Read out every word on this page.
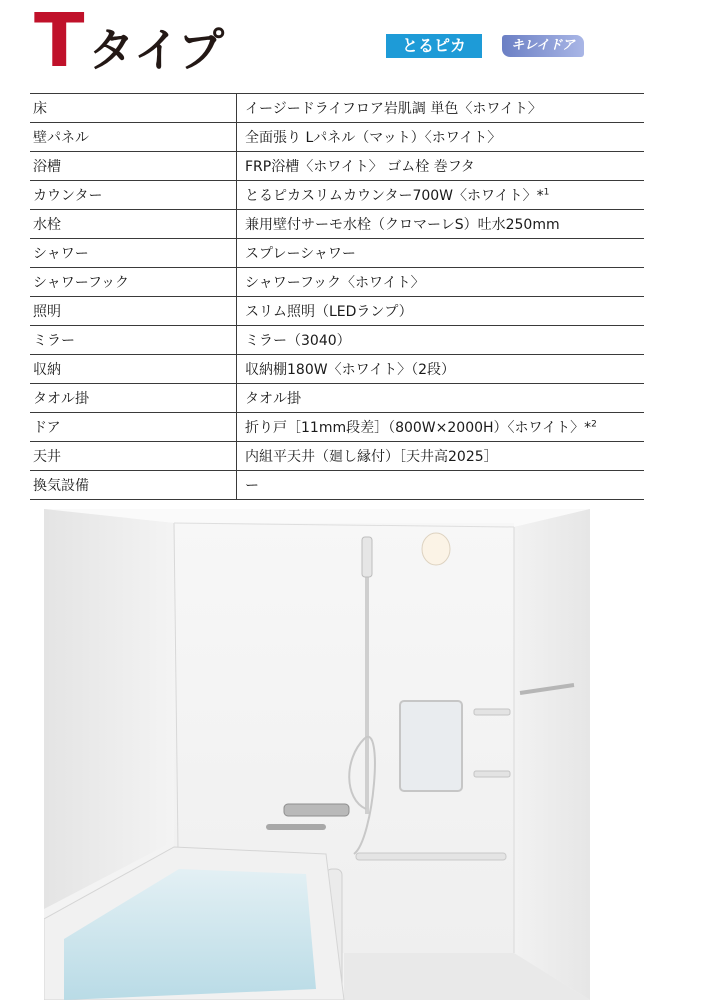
T タイプ	とるピカ	キレイドア
床	イージードライフロア岩肌調 単色〈ホワイト〉
壁パネル	全面張り Lパネル（マット）〈ホワイト〉
浴槽	FRP浴槽〈ホワイト〉 ゴム栓 巻フタ
カウンター	とるピカスリムカウンター700W〈ホワイト〉*$^1$
水栓	兼用壁付サーモ水栓（クロマーレS）吐水250mm
シャワー	スプレーシャワー
シャワーフック	シャワーフック〈ホワイト〉
照明	スリム照明（LEDランプ）
ミラー	ミラー（3040）
収納	収納棚180W〈ホワイト〉（2段）
タオル掛	タオル掛
ドア	折り戸［11mm段差］（800W×2000H）〈ホワイト〉*$^2$
天井	内組平天井（廻し縁付）［天井高2025］
換気設備	ー
